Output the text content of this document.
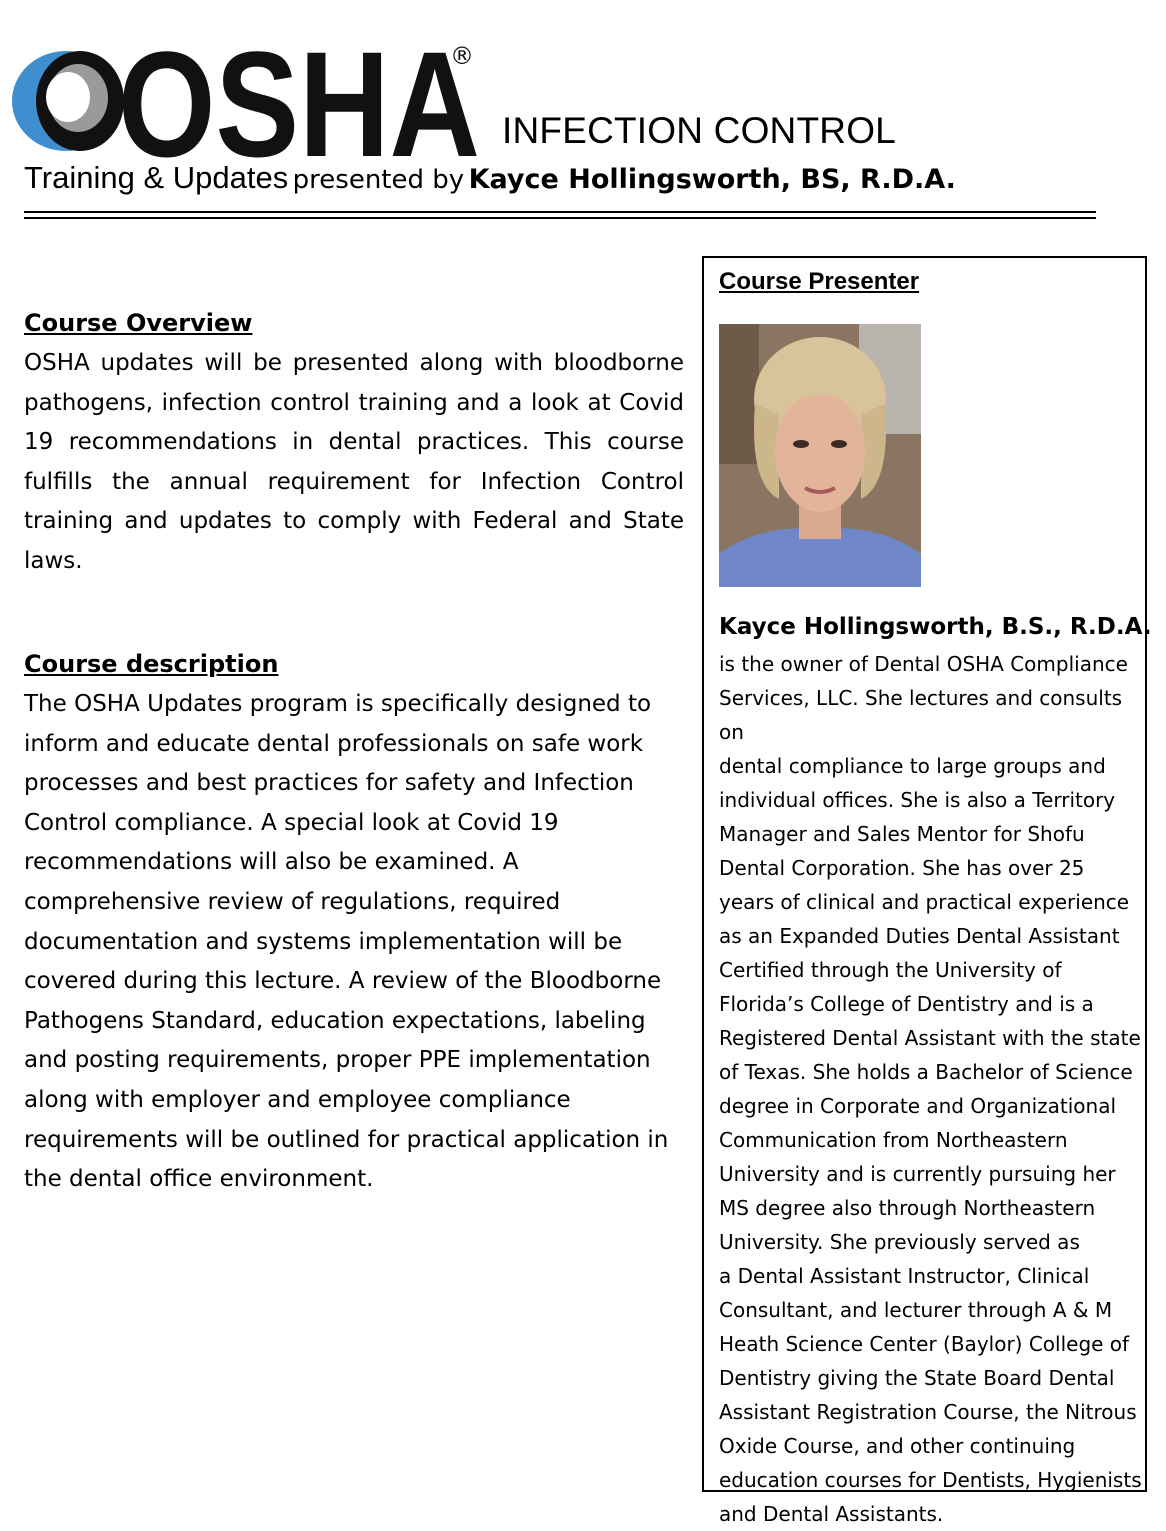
OSHA
®
INFECTION CONTROL
Training & Updates presented by Kayce Hollingsworth, BS, R.D.A.
Course Overview
OSHA updates will be presented along with bloodborne pathogens, infection control training and a look at Covid 19 recommendations in dental practices. This course fulfills the annual requirement for Infection Control training and updates to comply with Federal and State laws.
Course description
The OSHA Updates program is specifically designed to
inform and educate dental professionals on safe work
processes and best practices for safety and Infection
Control compliance. A special look at Covid 19
recommendations will also be examined. A
comprehensive review of regulations, required
documentation and systems implementation will be
covered during this lecture. A review of the Bloodborne
Pathogens Standard, education expectations, labeling
and posting requirements, proper PPE implementation
along with employer and employee compliance
requirements will be outlined for practical application in
the dental office environment.
Course Presenter
Kayce Hollingsworth, B.S., R.D.A.
is the owner of Dental OSHA Compliance
Services, LLC. She lectures and consults on
dental compliance to large groups and
individual offices. She is also a Territory
Manager and Sales Mentor for Shofu
Dental Corporation. She has over 25
years of clinical and practical experience
as an Expanded Duties Dental Assistant
Certified through the University of
Florida’s College of Dentistry and is a
Registered Dental Assistant with the state
of Texas. She holds a Bachelor of Science
degree in Corporate and Organizational
Communication from Northeastern
University and is currently pursuing her
MS degree also through Northeastern
University. She previously served as
a Dental Assistant Instructor, Clinical
Consultant, and lecturer through A & M
Heath Science Center (Baylor) College of
Dentistry giving the State Board Dental
Assistant Registration Course, the Nitrous
Oxide Course, and other continuing
education courses for Dentists, Hygienists
and Dental Assistants.
